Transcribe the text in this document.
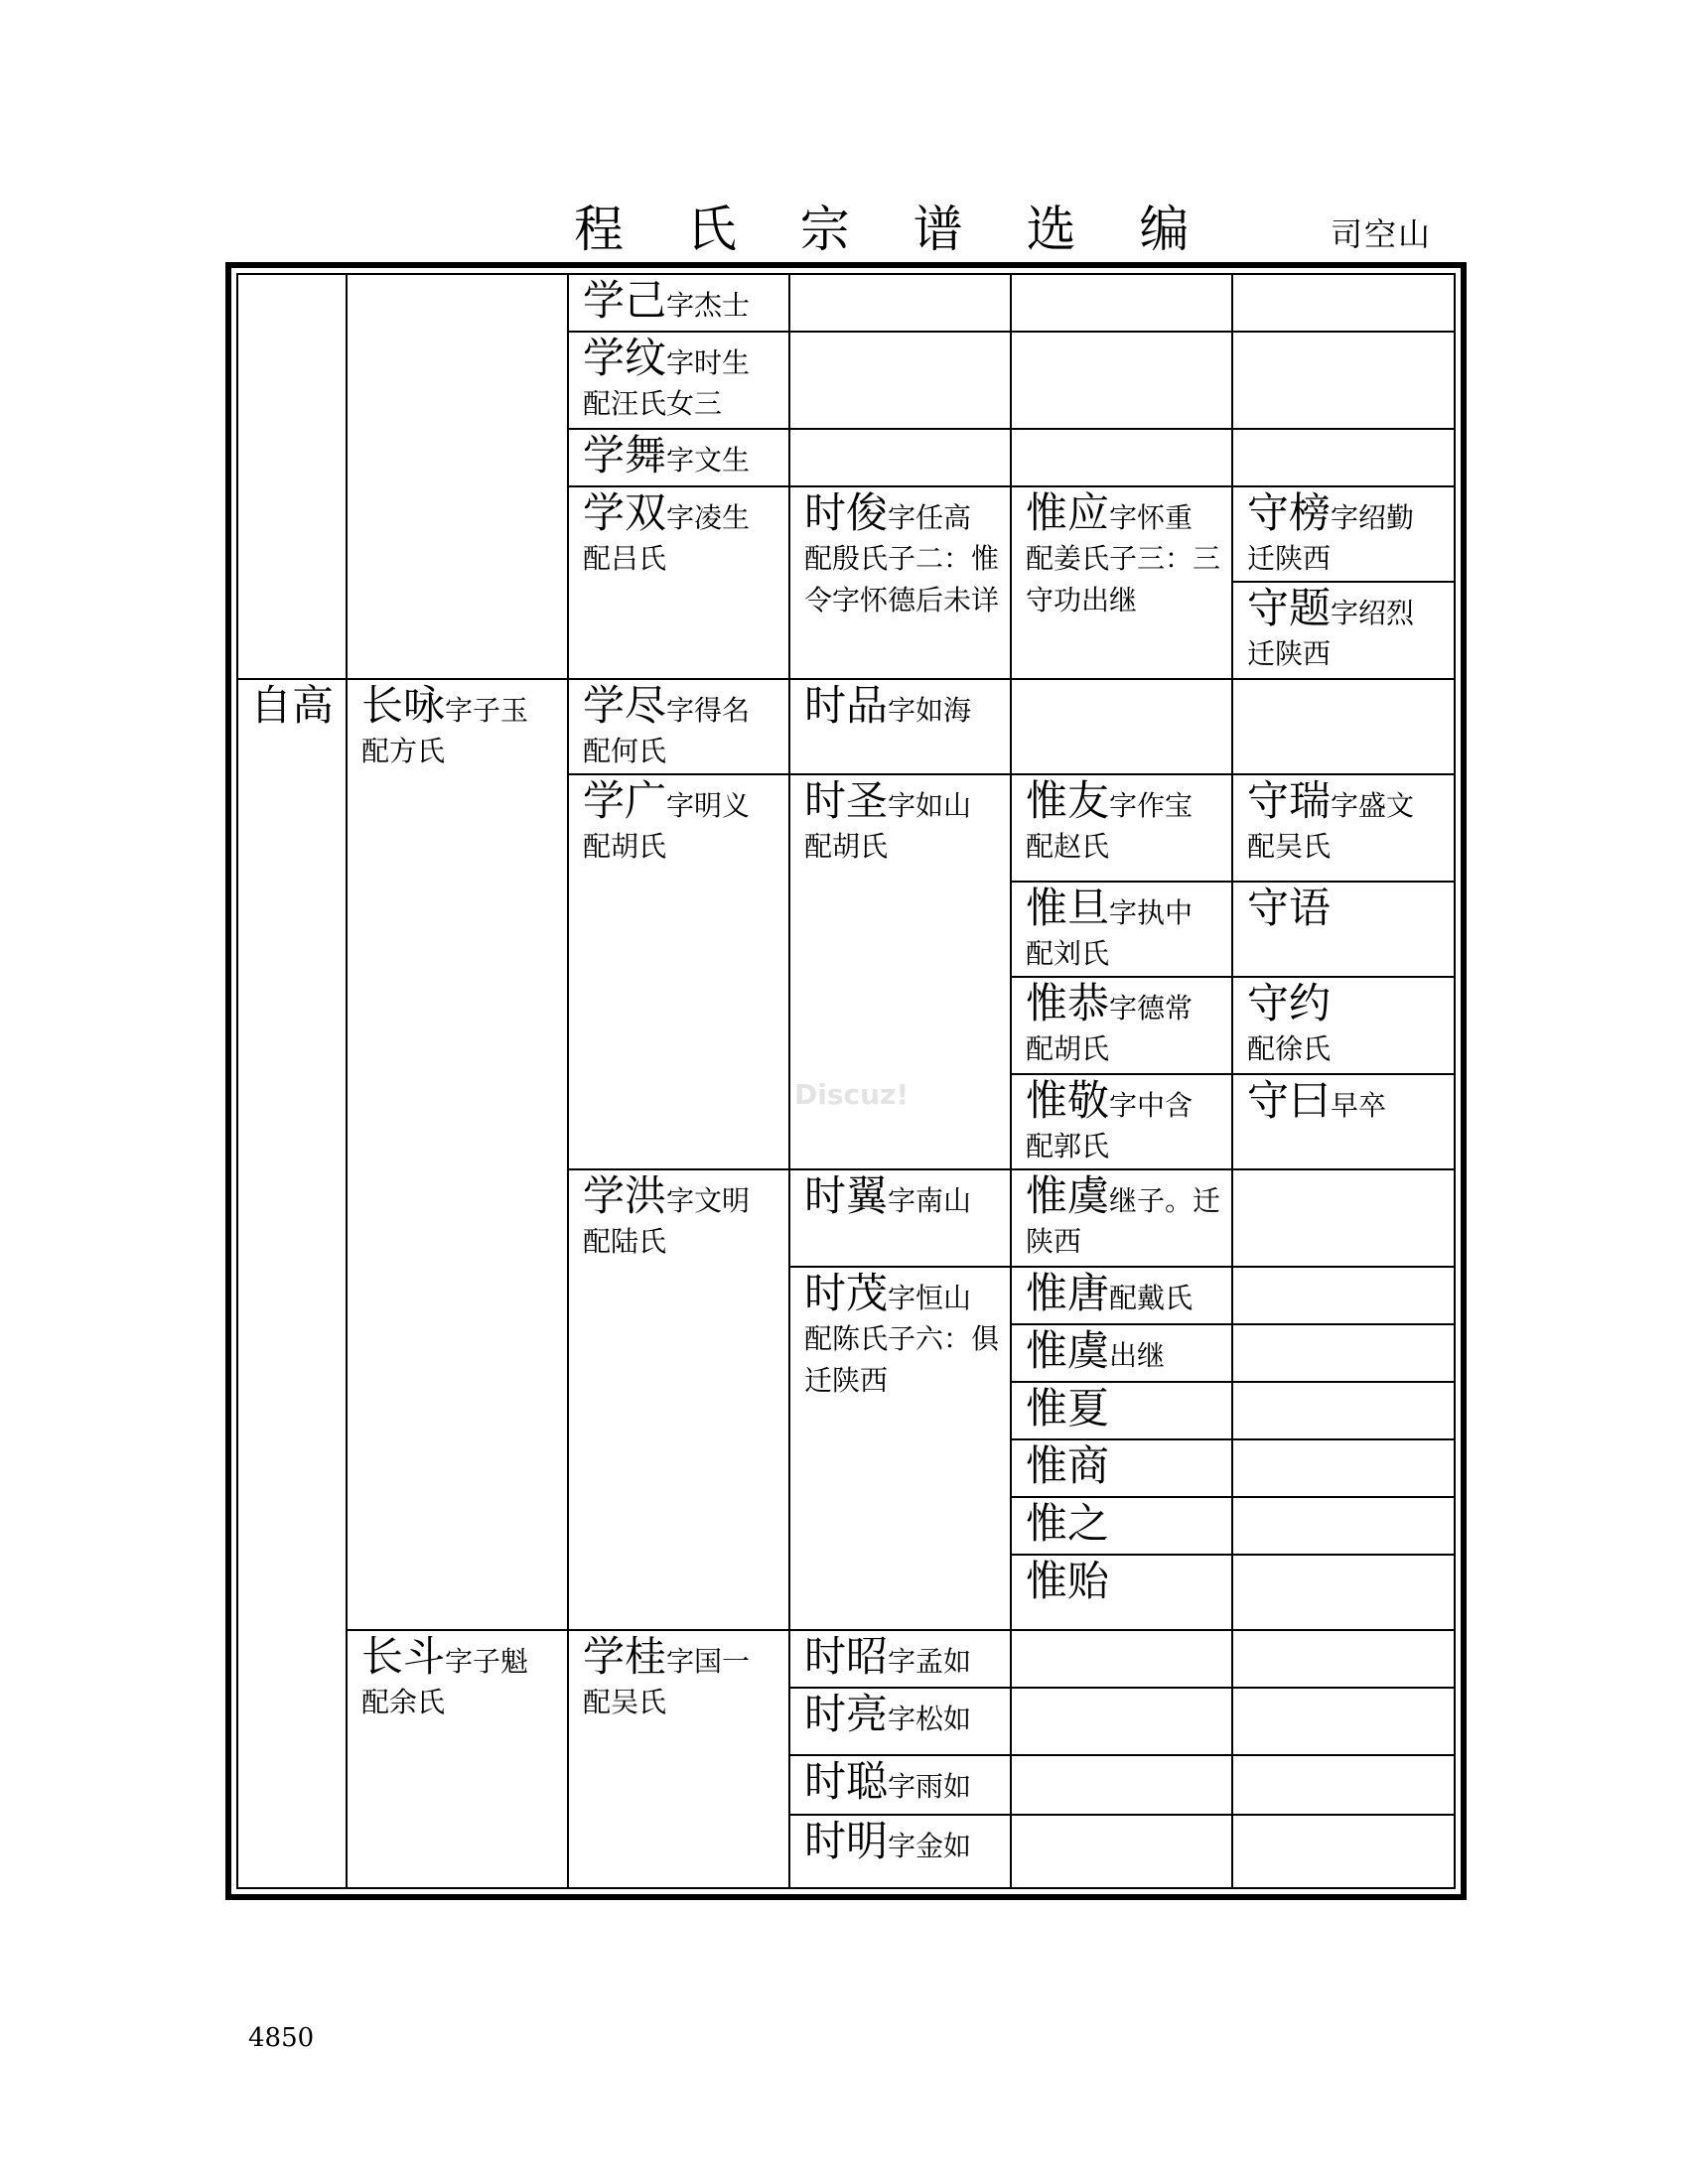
程 氏 宗 谱 选 编	司空山
自高 长咏字子玉
配方氏
长斗字子魁
配余氏
学己字杰士
学纹字时生
配汪氏女三
学舞字文生
学双字凌生
配吕氏
学尽字得名
配何氏
学广字明义
配胡氏
学洪字文明
配陆氏
学桂字国一
配吴氏
时俊字任高
配殷氏子二：惟令字怀德后未详
时品字如海
时圣字如山
配胡氏
时翼字南山
时茂字恒山
配陈氏子六：俱迁陕西
时昭字孟如
时亮字松如
时聪字雨如
时明字金如
惟应字怀重
配姜氏子三：三守功出继
惟友字作宝
配赵氏
惟旦字执中
配刘氏
惟恭字德常
配胡氏
惟敬字中含
配郭氏
惟虞继子。迁
陕西
惟唐配戴氏
惟虞出继
惟夏
惟商
惟之
惟贻
守榜字绍勤
迁陕西
守题字绍烈
迁陕西
守瑞字盛文
配吴氏
守语
守约
配徐氏
守曰早卒
Discuz!
4850
